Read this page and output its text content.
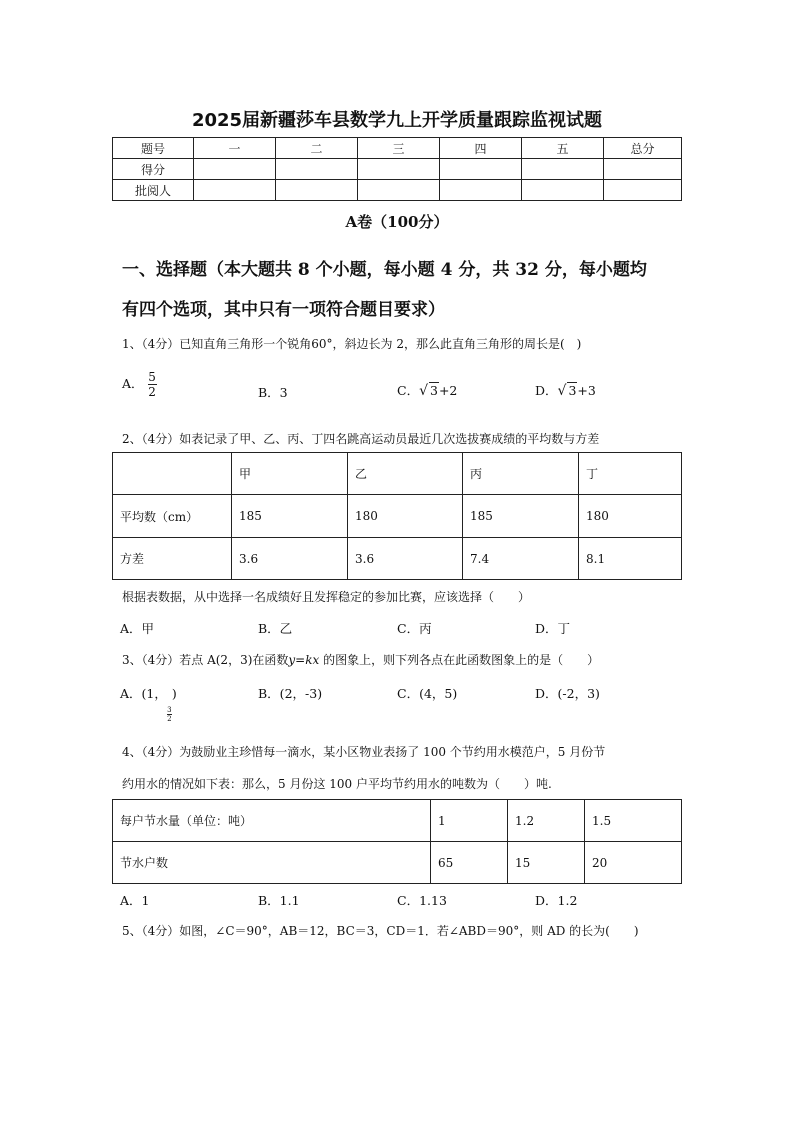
2025届新疆莎车县数学九上开学质量跟踪监视试题
题号	一	二	三	四	五	总分
得分						
批阅人						
A卷（100分）
一、选择题（本大题共 8 个小题，每小题 4 分，共 32 分，每小题均
有四个选项，其中只有一项符合题目要求）
1、（4分）已知直角三角形一个锐角60°，斜边长为 2，那么此直角三角形的周长是(　)
A． $\frac{5}{2}$	B．3	C．√ 3+2	D．√ 3+3
2、（4分）如表记录了甲、乙、丙、丁四名跳高运动员最近几次选拔赛成绩的平均数与方差
	甲	乙	丙	丁
平均数（cm）	185	180	185	180
方差	3.6	3.6	7.4	8.1
根据表数据，从中选择一名成绩好且发挥稳定的参加比赛，应该选择（　　）
A．甲	B．乙	C．丙	D．丁
3、（4分）若点 A(2，3)在函数y=kx 的图象上，则下列各点在此函数图象上的是（　　）
A．(1，
$\frac{3}{2}$
)	B．(2，-3)	C．(4，5)	D．(-2，3)
4、（4分）为鼓励业主珍惜每一滴水，某小区物业表扬了 100 个节约用水模范户，5 月份节
约用水的情况如下表：那么，5 月份这 100 户平均节约用水的吨数为（　　）吨.
每户节水量（单位：吨）	1	1.2	1.5
节水户数	65	15	20
A．1	B．1.1	C．1.13	D．1.2
5、（4分）如图，∠C＝90°，AB＝12，BC＝3，CD＝1．若∠ABD＝90°，则 AD 的长为(　　)
